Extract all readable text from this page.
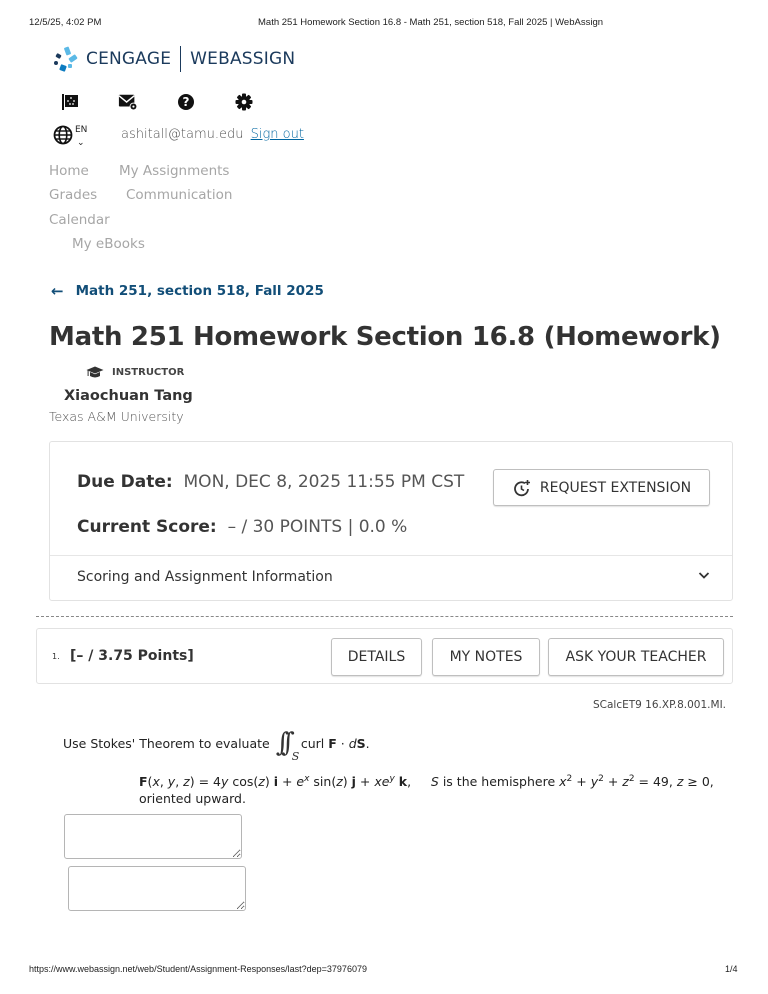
12/5/25, 4:02 PM	Math 251 Homework Section 16.8 - Math 251, section 518, Fall 2025 | WebAssign
CENGAGE WEBASSIGN
?
EN
⌄	ashitall@tamu.edu Sign out
Home My Assignments
Grades Communication
Calendar
My eBooks
← Math 251, section 518, Fall 2025
Math 251 Homework Section 16.8 (Homework)
INSTRUCTOR
Xiaochuan Tang
Texas A&M University
Due Date: MON, DEC 8, 2025 11:55 PM CST	REQUEST EXTENSION
Current Score: – / 30 POINTS | 0.0 %
Scoring and Assignment Information
1. [– / 3.75 Points]	DETAILS	MY NOTES	ASK YOUR TEACHER
SCalcET9 16.XP.8.001.MI.
Use Stokes' Theorem to evaluate ∫∫ S
curl F · dS.
F(x, y, z) = 4y cos(z) $i + e^x$ sin(z) $j + xe^y$ k,     S is the hemisphere $x^2 + y^2 + z^2 = 49$, z ≥ 0, oriented upward.
https://www.webassign.net/web/Student/Assignment-Responses/last?dep=37976079	1/4
